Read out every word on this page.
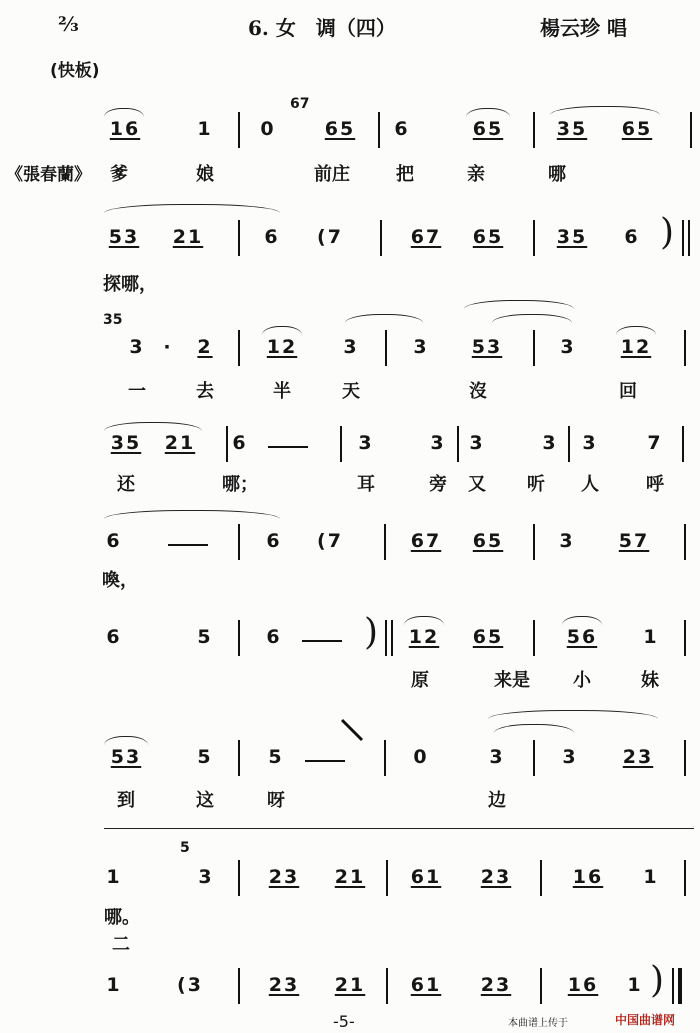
⅔	6. 女　调（四）	楊云珍 唱
(快板)
16	1	0
67
65 6	65	35 65
《張春蘭》 爹	娘	前庄	把	亲	哪
53 21	6 (7	67 65	35 6 )
探哪，
35
3 · 2	12 3	3 53	3 12
一	去	半	天	沒	回
35 21 6	3	3 3	3 3	7
还	哪；	耳	旁 又 听 人	呼
6	6 (7	67 65	3 57
喚，
6	5	6 ) 12 65	56 1
原	来是 小	妹
53	5	5	0	3	3 23
到	这	呀	边
1
5
3	23 21 61 23	16 1
哪。
二
1	(3	23 21 61 23	16 1 )
-5-	本曲谱上传于	中国曲谱网
